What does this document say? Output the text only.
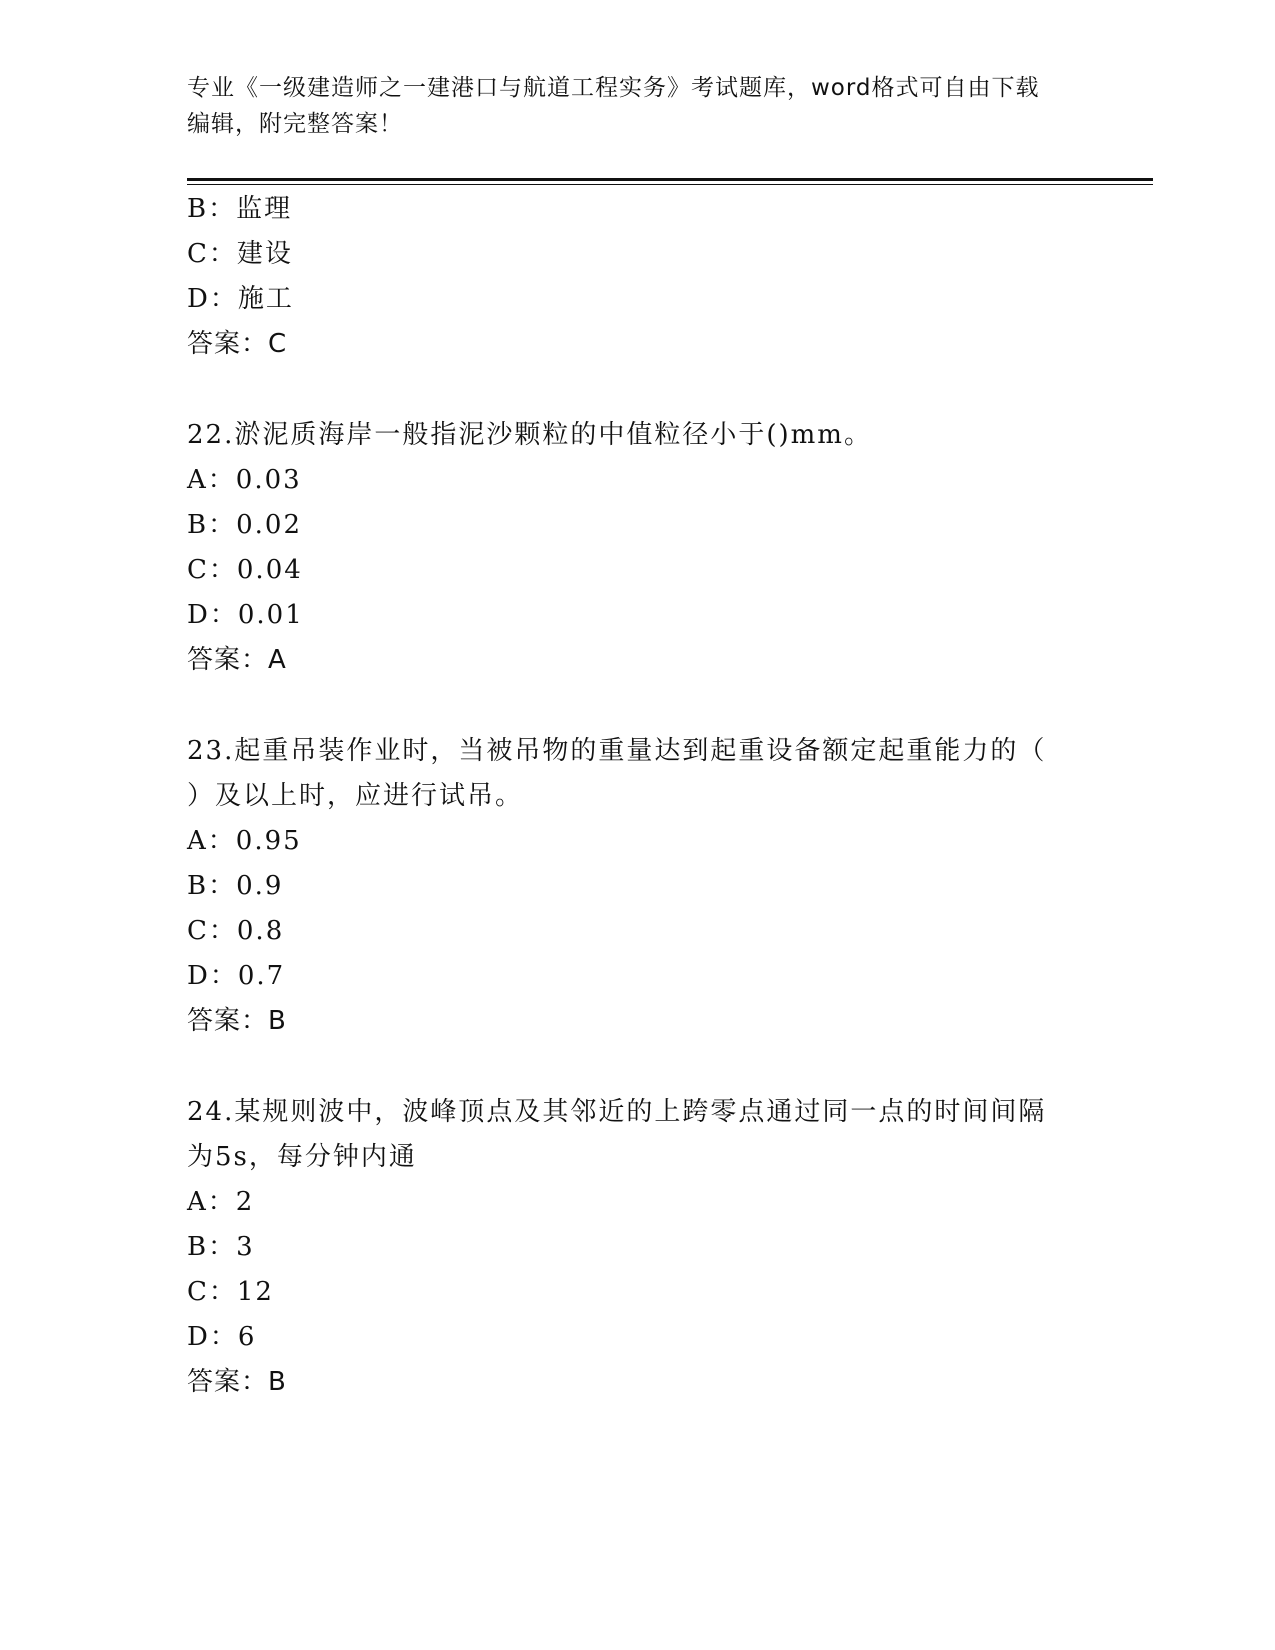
专业《一级建造师之一建港口与航道工程实务》考试题库，word格式可自由下载
编辑，附完整答案！
B：监理
C：建设
D：施工
答案：C
22.淤泥质海岸一般指泥沙颗粒的中值粒径小于()mm。
A：0.03
B：0.02
C：0.04
D：0.01
答案：A
23.起重吊装作业时，当被吊物的重量达到起重设备额定起重能力的（
）及以上时，应进行试吊。
A：0.95
B：0.9
C：0.8
D：0.7
答案：B
24.某规则波中，波峰顶点及其邻近的上跨零点通过同一点的时间间隔
为5s，每分钟内通
A：2
B：3
C：12
D：6
答案：B
